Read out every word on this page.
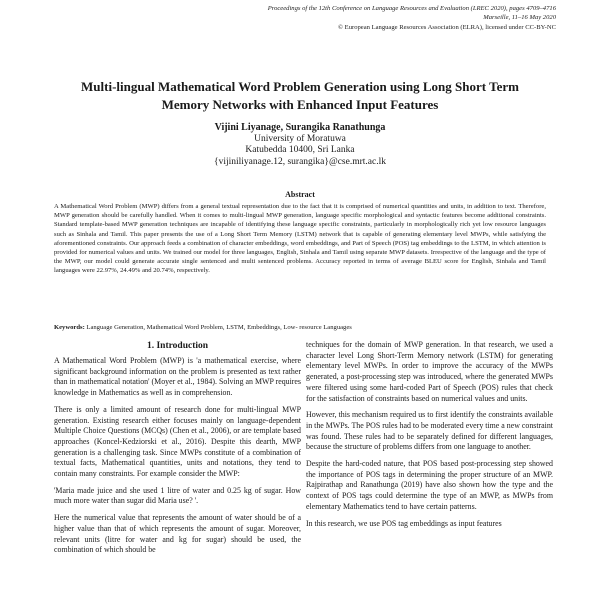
Proceedings of the 12th Conference on Language Resources and Evaluation (LREC 2020), pages 4709–4716
Marseille, 11–16 May 2020
© European Language Resources Association (ELRA), licensed under CC-BY-NC
Multi-lingual Mathematical Word Problem Generation using Long Short Term
Memory Networks with Enhanced Input Features
Vijini Liyanage, Surangika Ranathunga
University of Moratuwa
Katubedda 10400, Sri Lanka
{vijiniliyanage.12, surangika}@cse.mrt.ac.lk
Abstract

A Mathematical Word Problem (MWP) differs from a general textual representation due to the fact that it is comprised of numerical quantities and units, in addition to text. Therefore, MWP generation should be carefully handled. When it comes to multi-lingual MWP generation, language specific morphological and syntactic features become additional constraints. Standard template-based MWP generation techniques are incapable of identifying these language specific constraints, particularly in morphologically rich yet low resource languages such as Sinhala and Tamil. This paper presents the use of a Long Short Term Memory (LSTM) network that is capable of generating elementary level MWPs, while satisfying the aforementioned constraints. Our approach feeds a combination of character embeddings, word embeddings, and Part of Speech (POS) tag embeddings to the LSTM, in which attention is provided for numerical values and units. We trained our model for three languages, English, Sinhala and Tamil using separate MWP datasets. Irrespective of the language and the type of the MWP, our model could generate accurate single sentenced and multi sentenced problems. Accuracy reported in terms of average BLEU score for English, Sinhala and Tamil languages were 22.97%, 24.49% and 20.74%, respectively.

Keywords: Language Generation, Mathematical Word Problem, LSTM, Embeddings, Low- resource Languages
1. Introduction

A Mathematical Word Problem (MWP) is 'a mathematical exercise, where significant background information on the problem is presented as text rather than in mathematical notation' (Moyer et al., 1984). Solving an MWP requires knowledge in Mathematics as well as in comprehension.

There is only a limited amount of research done for multi-lingual MWP generation. Existing research either focuses mainly on language-dependent Multiple Choice Questions (MCQs) (Chen et al., 2006), or are template based approaches (Koncel-Kedziorski et al., 2016). Despite this dearth, MWP generation is a challenging task. Since MWPs constitute of a combination of textual facts, Mathematical quantities, units and notations, they tend to contain many constraints. For example consider the MWP:

'Maria made juice and she used 1 litre of water and 0.25 kg of sugar. How much more water than sugar did Maria use? '.

Here the numerical value that represents the amount of water should be of a higher value than that of which represents the amount of sugar. Moreover, relevant units (litre for water and kg for sugar) should be used, the combination of which should be

techniques for the domain of MWP generation. In that research, we used a character level Long Short-Term Memory network (LSTM) for generating elementary level MWPs. In order to improve the accuracy of the MWPs generated, a post-processing step was introduced, where the generated MWPs were filtered using some hard-coded Part of Speech (POS) rules that check for the satisfaction of constraints based on numerical values and units.

However, this mechanism required us to first identify the constraints available in the MWPs. The POS rules had to be moderated every time a new constraint was found. These rules had to be separately defined for different languages, because the structure of problems differs from one language to another.

Despite the hard-coded nature, that POS based post-processing step showed the importance of POS tags in determining the proper structure of an MWP. Rajpirathap and Ranathunga (2019) have also shown how the type and the context of POS tags could determine the type of an MWP, as MWPs from elementary Mathematics tend to have certain patterns.

In this research, we use POS tag embeddings as input features
